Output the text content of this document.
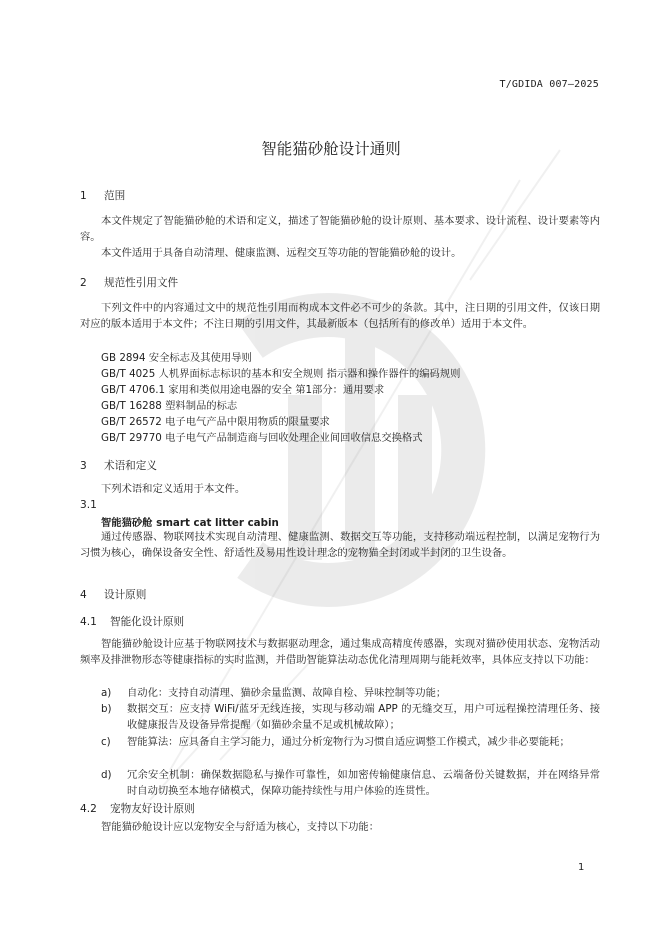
T/GDIDA 007—2025
智能猫砂舱设计通则
1 范围

本文件规定了智能猫砂舱的术语和定义，描述了智能猫砂舱的设计原则、基本要求、设计流程、设计要素等内容。

本文件适用于具备自动清理、健康监测、远程交互等功能的智能猫砂舱的设计。

2 规范性引用文件

下列文件中的内容通过文中的规范性引用而构成本文件必不可少的条款。其中，注日期的引用文件，仅该日期对应的版本适用于本文件；不注日期的引用文件，其最新版本（包括所有的修改单）适用于本文件。

GB 2894 安全标志及其使用导则
GB/T 4025 人机界面标志标识的基本和安全规则 指示器和操作器件的编码规则
GB/T 4706.1 家用和类似用途电器的安全 第1部分：通用要求
GB/T 16288 塑料制品的标志
GB/T 26572 电子电气产品中限用物质的限量要求
GB/T 29770 电子电气产品制造商与回收处理企业间回收信息交换格式
3 术语和定义

下列术语和定义适用于本文件。

3.1
智能猫砂舱 smart cat litter cabin

通过传感器、物联网技术实现自动清理、健康监测、数据交互等功能，支持移动端远程控制，以满足宠物行为习惯为核心，确保设备安全性、舒适性及易用性设计理念的宠物猫全封闭或半封闭的卫生设备。

4 设计原则
4.1 智能化设计原则

智能猫砂舱设计应基于物联网技术与数据驱动理念，通过集成高精度传感器，实现对猫砂使用状态、宠物活动频率及排泄物形态等健康指标的实时监测，并借助智能算法动态优化清理周期与能耗效率，具体应支持以下功能：

a) 自动化：支持自动清理、猫砂余量监测、故障自检、异味控制等功能；
b) 数据交互：应支持 WiFi/蓝牙无线连接，实现与移动端 APP 的无缝交互，用户可远程操控清理任务、接收健康报告及设备异常提醒（如猫砂余量不足或机械故障）；
c) 智能算法：应具备自主学习能力，通过分析宠物行为习惯自适应调整工作模式，减少非必要能耗；
d) 冗余安全机制：确保数据隐私与操作可靠性，如加密传输健康信息、云端备份关键数据，并在网络异常时自动切换至本地存储模式，保障功能持续性与用户体验的连贯性。
4.2 宠物友好设计原则

智能猫砂舱设计应以宠物安全与舒适为核心，支持以下功能：

1
